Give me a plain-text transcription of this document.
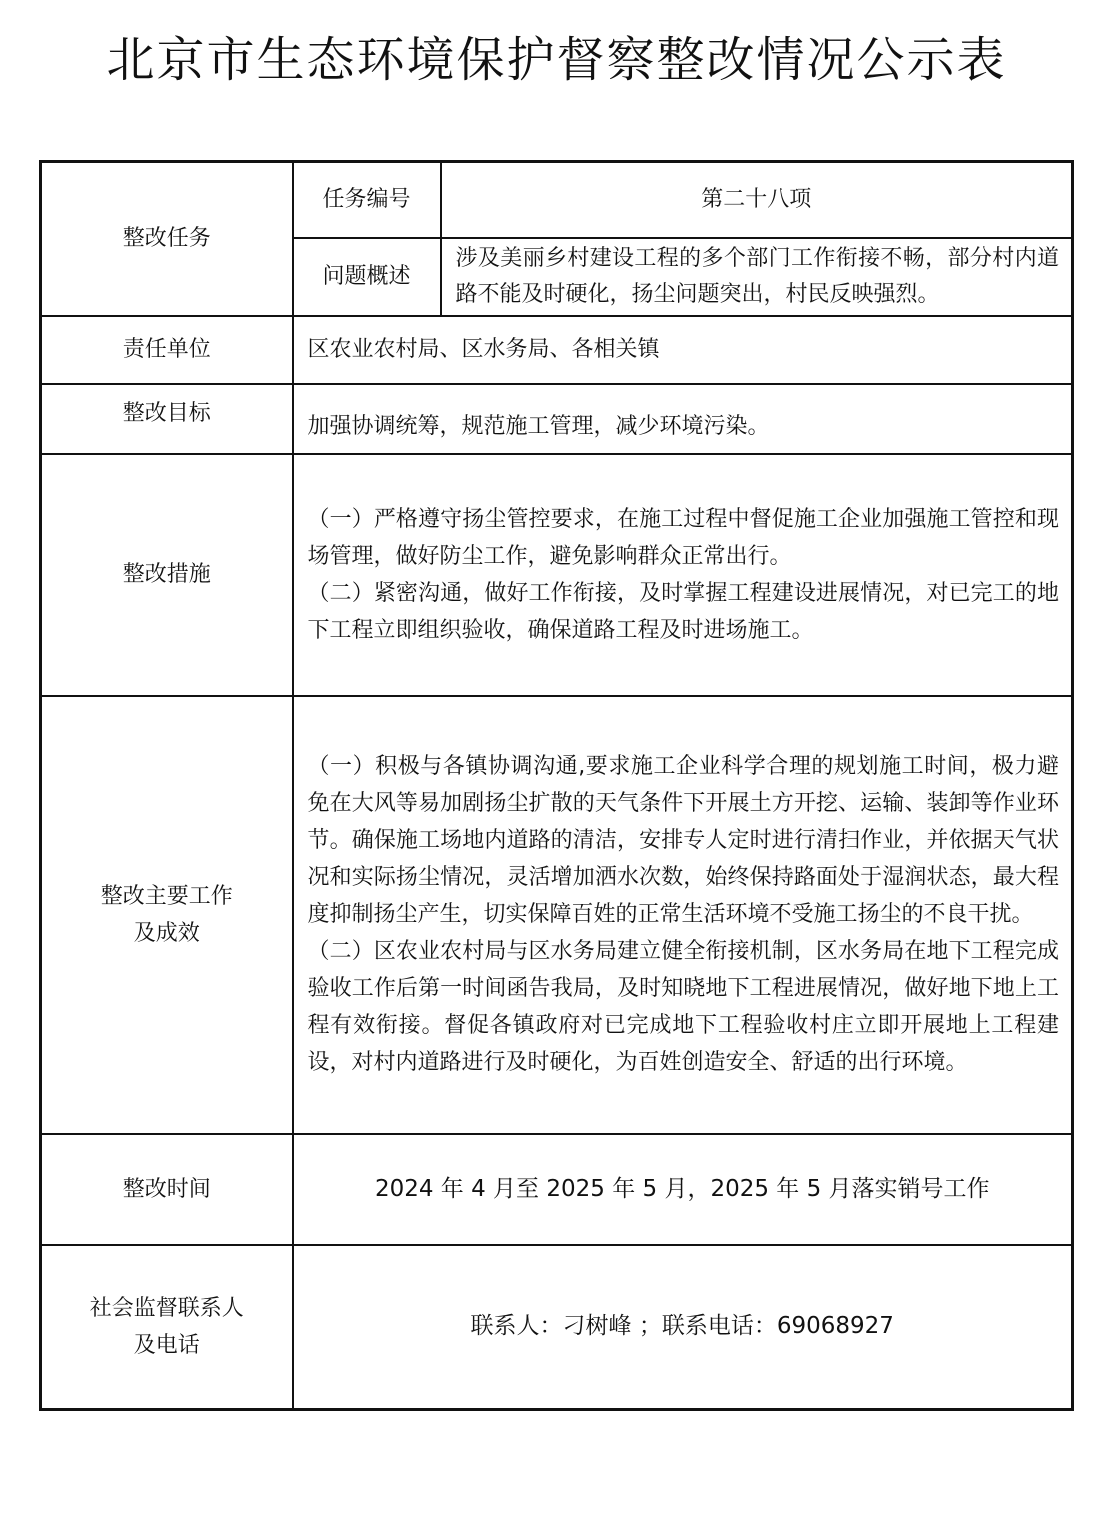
北京市生态环境保护督察整改情况公示表
整改任务	任务编号	第二十八项
	问题概述	涉及美丽乡村建设工程的多个部门工作衔接不畅，部分村内道路不能及时硬化，扬尘问题突出，村民反映强烈。
责任单位	区农业农村局、区水务局、各相关镇	
整改目标	加强协调统筹，规范施工管理，减少环境污染。	
整改措施	（一）严格遵守扬尘管控要求，在施工过程中督促施工企业加强施工管控和现场管理，做好防尘工作，避免影响群众正常出行。
（二）紧密沟通，做好工作衔接，及时掌握工程建设进展情况，对已完工的地下工程立即组织验收，确保道路工程及时进场施工。	

整改主要工作
及成效	（一）积极与各镇协调沟通,要求施工企业科学合理的规划施工时间，极力避免在大风等易加剧扬尘扩散的天气条件下开展土方开挖、运输、装卸等作业环节。确保施工场地内道路的清洁，安排专人定时进行清扫作业，并依据天气状况和实际扬尘情况，灵活增加洒水次数，始终保持路面处于湿润状态，最大程度抑制扬尘产生，切实保障百姓的正常生活环境不受施工扬尘的不良干扰。
（二）区农业农村局与区水务局建立健全衔接机制，区水务局在地下工程完成验收工作后第一时间函告我局，及时知晓地下工程进展情况，做好地下地上工程有效衔接。督促各镇政府对已完成地下工程验收村庄立即开展地上工程建设，对村内道路进行及时硬化，为百姓创造安全、舒适的出行环境。	

整改时间	2024 年 4 月至 2025 年 5 月，2025 年 5 月落实销号工作	

社会监督联系人
及电话	联系人：刁树峰 ；联系电话：69068927	
